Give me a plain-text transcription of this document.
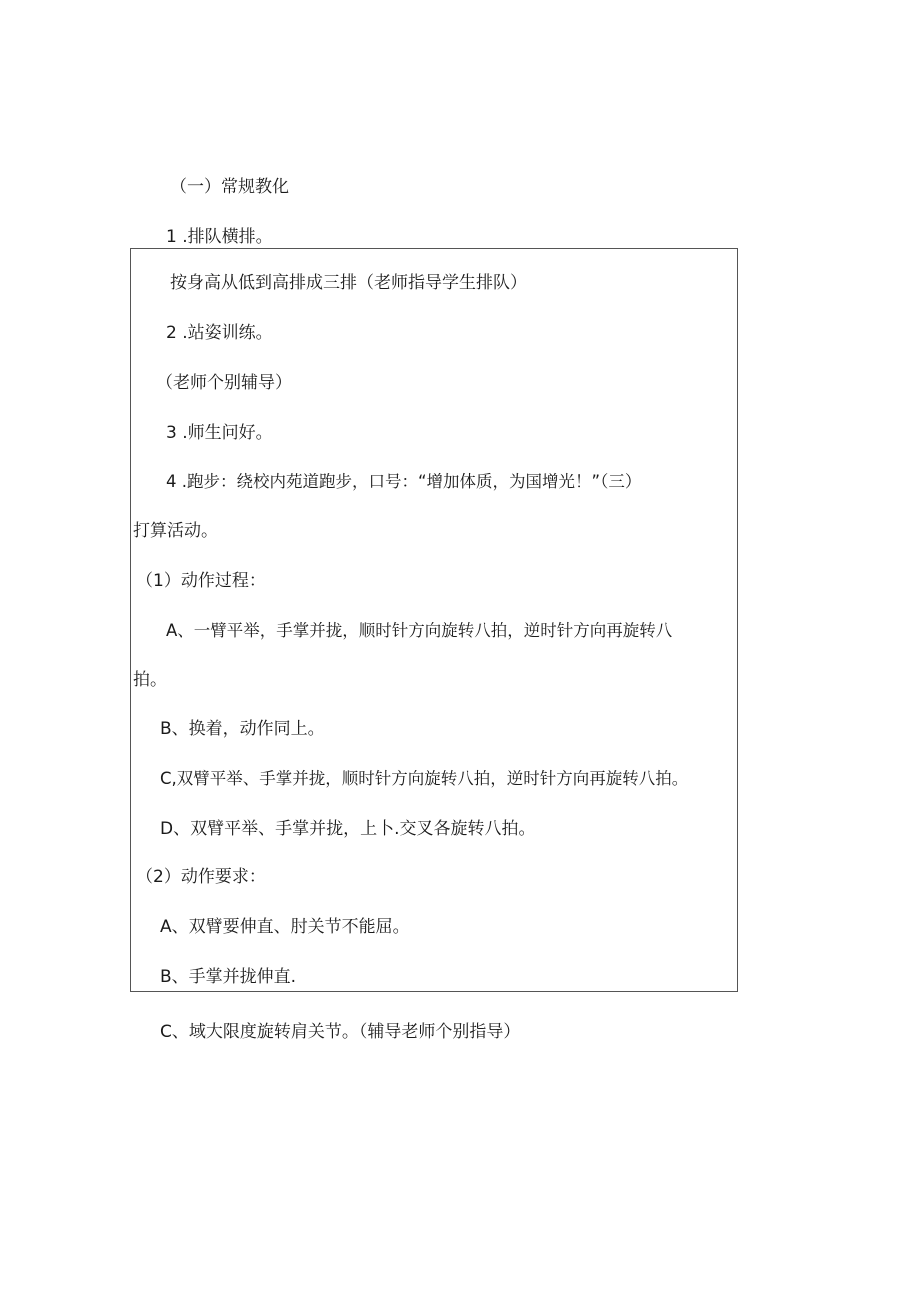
（一）常规教化
1 .排队横排。
按身高从低到高排成三排（老师指导学生排队）
2 .站姿训练。
（老师个别辅导）
3 .师生问好。
4 .跑步：绕校内苑道跑步，口号：“增加体质，为国增光！”（三）
打算活动。
（1）动作过程：
A、一臂平举，手掌并拢，顺时针方向旋转八拍，逆时针方向再旋转八
拍。
B、换着，动作同上。
C,双臂平举、手掌并拢，顺时针方向旋转八拍，逆时针方向再旋转八拍。
D、双臂平举、手掌并拢，上卜.交叉各旋转八拍。
（2）动作要求：
A、双臂要伸直、肘关节不能屈。
B、手掌并拢伸直.
C、域大限度旋转肩关节。（辅导老师个别指导）
